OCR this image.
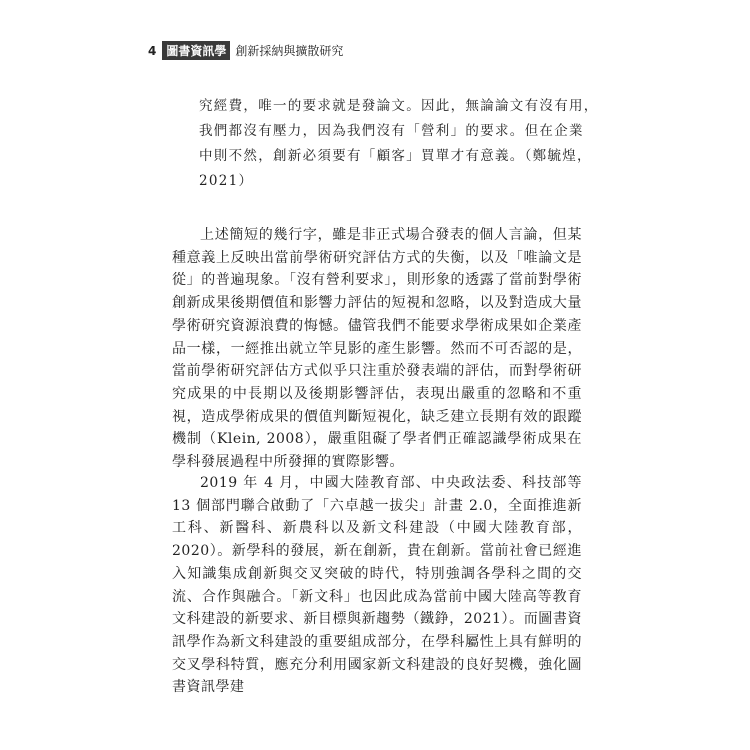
4 圖書資訊學 創新採納與擴散研究
究經費，唯一的要求就是發論文。因此，無論論文有沒有用，
我們都沒有壓力，因為我們沒有「營利」的要求。但在企業
中則不然，創新必須要有「顧客」買單才有意義。（鄭毓煌，
2021）

上述簡短的幾行字，雖是非正式場合發表的個人言論，但某種意義上反映出當前學術研究評估方式的失衡，以及「唯論文是從」的普遍現象。「沒有營利要求」，則形象的透露了當前對學術創新成果後期價值和影響力評估的短視和忽略，以及對造成大量學術研究資源浪費的悔憾。儘管我們不能要求學術成果如企業產品一樣，一經推出就立竿見影的產生影響。然而不可否認的是，當前學術研究評估方式似乎只注重於發表端的評估，而對學術研究成果的中長期以及後期影響評估，表現出嚴重的忽略和不重視，造成學術成果的價值判斷短視化，缺乏建立長期有效的跟蹤機制（Klein, 2008），嚴重阻礙了學者們正確認識學術成果在學科發展過程中所發揮的實際影響。

2019 年 4 月，中國大陸教育部、中央政法委、科技部等 13 個部門聯合啟動了「六卓越一拔尖」計畫 2.0，全面推進新工科、新醫科、新農科以及新文科建設（中國大陸教育部，2020）。新學科的發展，新在創新，貴在創新。當前社會已經進入知識集成創新與交叉突破的時代，特別強調各學科之間的交流、合作與融合。「新文科」也因此成為當前中國大陸高等教育文科建設的新要求、新目標與新趨勢（鐵錚，2021）。而圖書資訊學作為新文科建設的重要組成部分，在學科屬性上具有鮮明的交叉學科特質，應充分利用國家新文科建設的良好契機，強化圖書資訊學建
